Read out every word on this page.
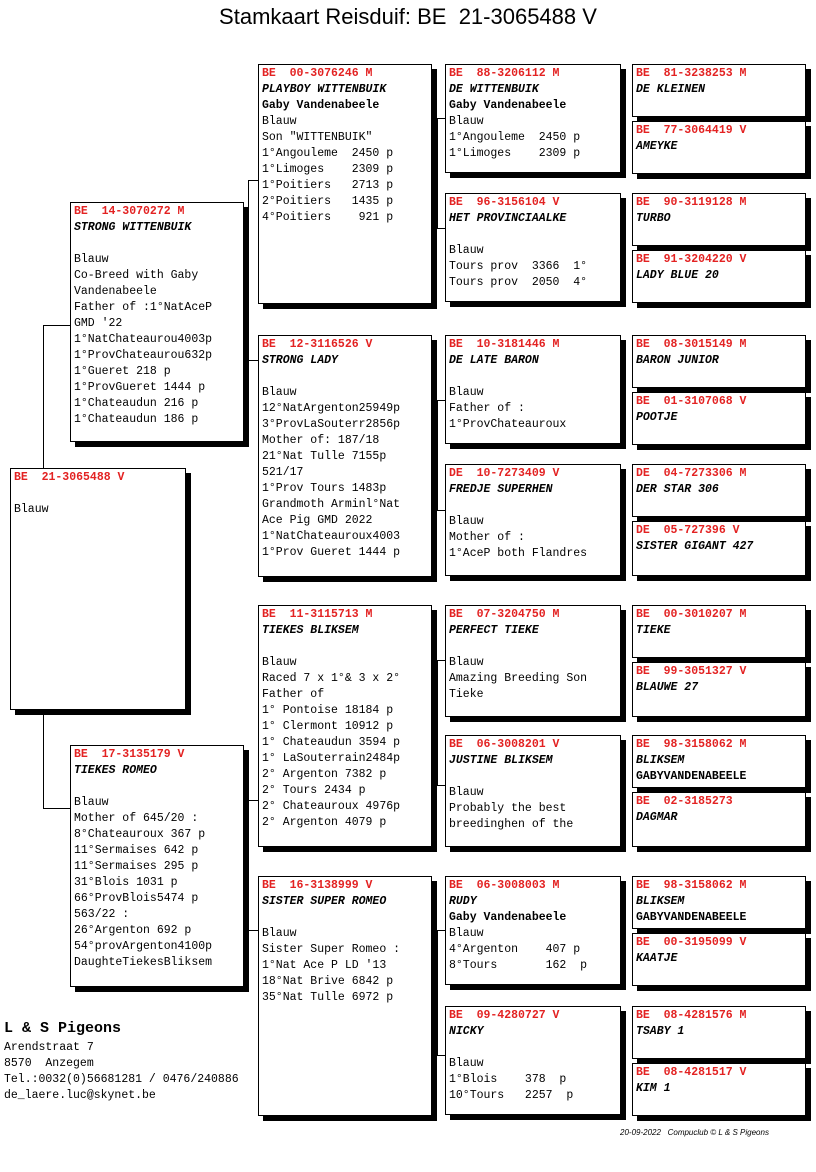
Stamkaart Reisduif: BE  21-3065488 V
BE  21-3065488 V
Blauw
BE  14-3070272 M
STRONG WITTENBUIK
Blauw
Co-Breed with Gaby
Vandenabeele
Father of :1°NatAceP
GMD '22
1°NatChateaurou4003p
1°ProvChateaurou632p
1°Gueret 218 p
1°ProvGueret 1444 p
1°Chateaudun 216 p
1°Chateaudun 186 p
BE  17-3135179 V
TIEKES ROMEO
Blauw
Mother of 645/20 :
8°Chateauroux 367 p
11°Sermaises 642 p
11°Sermaises 295 p
31°Blois 1031 p
66°ProvBlois5474 p
563/22 :
26°Argenton 692 p
54°provArgenton4100p
DaughteTiekesBliksem
BE  00-3076246 M
PLAYBOY WITTENBUIK
Gaby Vandenabeele
Blauw
Son "WITTENBUIK"
1°Angouleme  2450 p
1°Limoges    2309 p
1°Poitiers   2713 p
2°Poitiers   1435 p
4°Poitiers    921 p
BE  12-3116526 V
STRONG LADY
Blauw
12°NatArgenton25949p
3°ProvLaSouterr2856p
Mother of: 187/18
21°Nat Tulle 7155p
521/17
1°Prov Tours 1483p
Grandmoth Arminl°Nat
Ace Pig GMD 2022
1°NatChateauroux4003
1°Prov Gueret 1444 p
BE  11-3115713 M
TIEKES BLIKSEM
Blauw
Raced 7 x 1°& 3 x 2°
Father of
1° Pontoise 18184 p
1° Clermont 10912 p
1° Chateaudun 3594 p
1° LaSouterrain2484p
2° Argenton 7382 p
2° Tours 2434 p
2° Chateauroux 4976p
2° Argenton 4079 p
BE  16-3138999 V
SISTER SUPER ROMEO
Blauw
Sister Super Romeo :
1°Nat Ace P LD '13
18°Nat Brive 6842 p
35°Nat Tulle 6972 p
BE  88-3206112 M
DE WITTENBUIK
Gaby Vandenabeele
Blauw
1°Angouleme  2450 p
1°Limoges    2309 p
BE  96-3156104 V
HET PROVINCIAALKE
Blauw
Tours prov  3366  1°
Tours prov  2050  4°
BE  10-3181446 M
DE LATE BARON
Blauw
Father of :
1°ProvChateauroux
DE  10-7273409 V
FREDJE SUPERHEN
Blauw
Mother of :
1°AceP both Flandres
BE  07-3204750 M
PERFECT TIEKE
Blauw
Amazing Breeding Son
Tieke
BE  06-3008201 V
JUSTINE BLIKSEM
Blauw
Probably the best
breedinghen of the
BE  06-3008003 M
RUDY
Gaby Vandenabeele
Blauw
4°Argenton    407 p
8°Tours       162  p
BE  09-4280727 V
NICKY
Blauw
1°Blois    378  p
10°Tours   2257  p
BE  81-3238253 M
DE KLEINEN
BE  77-3064419 V
AMEYKE
BE  90-3119128 M
TURBO
BE  91-3204220 V
LADY BLUE 20
BE  08-3015149 M
BARON JUNIOR
BE  01-3107068 V
POOTJE
DE  04-7273306 M
DER STAR 306
DE  05-727396 V
SISTER GIGANT 427
BE  00-3010207 M
TIEKE
BE  99-3051327 V
BLAUWE 27
BE  98-3158062 M
BLIKSEM
GABYVANDENABEELE
BE  02-3185273
DAGMAR
BE  98-3158062 M
BLIKSEM
GABYVANDENABEELE
BE  00-3195099 V
KAATJE
BE  08-4281576 M
TSABY 1
BE  08-4281517 V
KIM 1
L & S Pigeons
Arendstraat 7
8570  Anzegem
Tel.:0032(0)56681281 / 0476/240886
de_laere.luc@skynet.be
20-09-2022   Compuclub © L & S Pigeons
